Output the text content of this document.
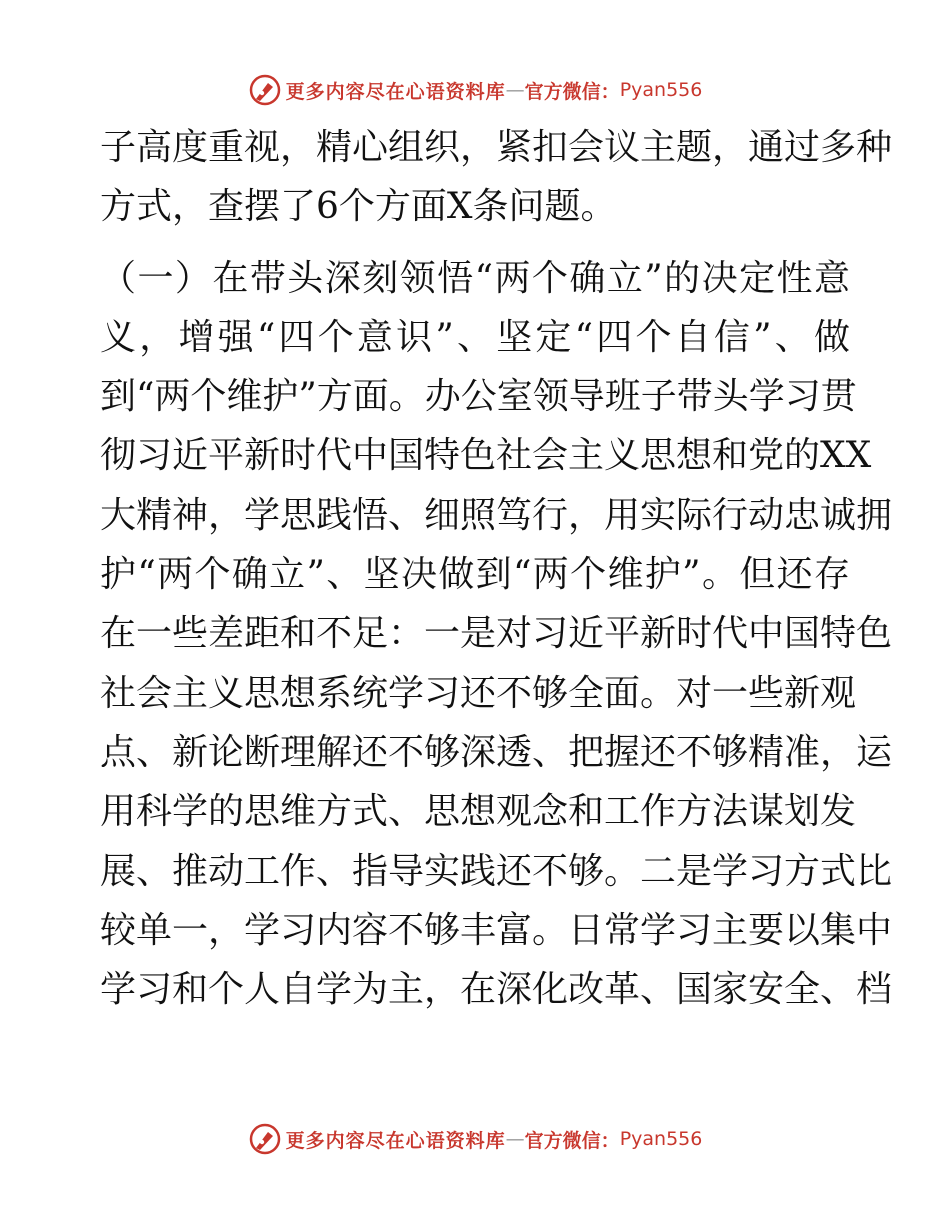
更多内容尽在心语资料库 — 官方微信： Pyan556
子高度重视，精心组织，紧扣会议主题，通过多种
方式，查摆了6个方面X条问题。
（一）在带头深刻领悟“两个确立”的决定性意
义，增强“四个意识”、坚定“四个自信”、做
到“两个维护”方面。办公室领导班子带头学习贯
彻习近平新时代中国特色社会主义思想和党的XX
大精神，学思践悟、细照笃行，用实际行动忠诚拥
护“两个确立”、坚决做到“两个维护”。但还存
在一些差距和不足：一是对习近平新时代中国特色
社会主义思想系统学习还不够全面。对一些新观
点、新论断理解还不够深透、把握还不够精准，运
用科学的思维方式、思想观念和工作方法谋划发
展、推动工作、指导实践还不够。二是学习方式比
较单一，学习内容不够丰富。日常学习主要以集中
学习和个人自学为主，在深化改革、国家安全、档
更多内容尽在心语资料库 — 官方微信： Pyan556
